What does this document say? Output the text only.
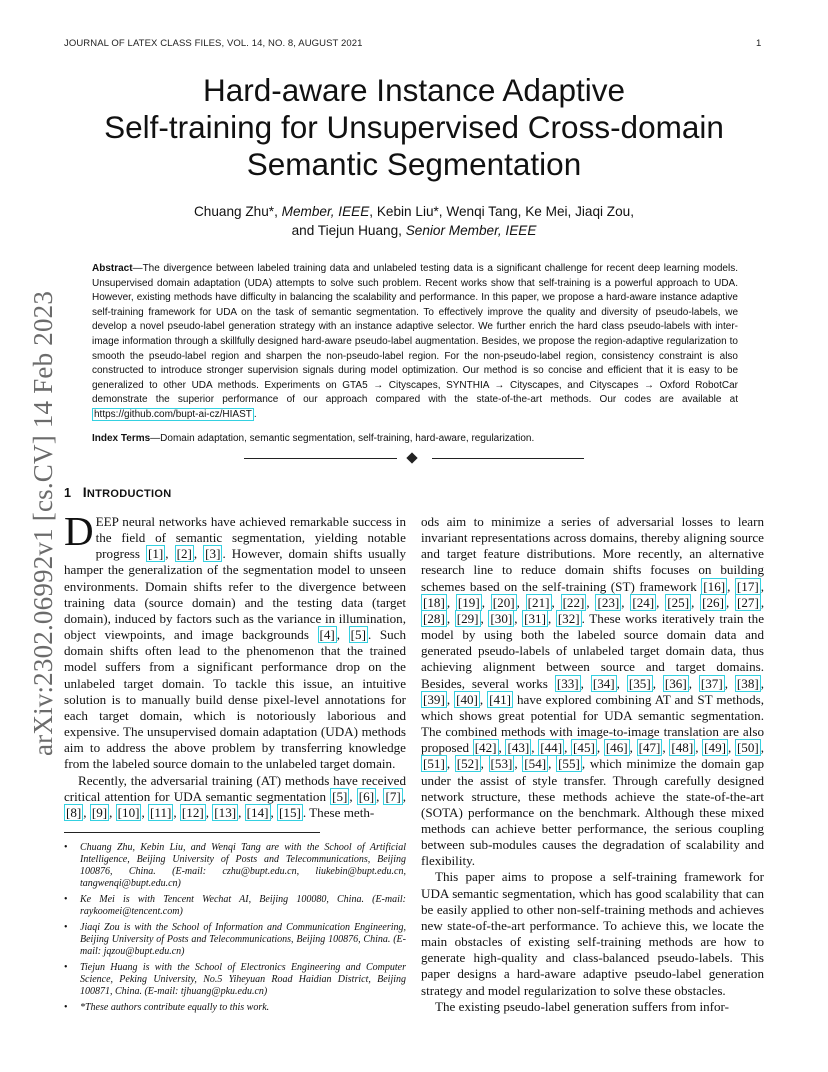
JOURNAL OF LATEX CLASS FILES, VOL. 14, NO. 8, AUGUST 2021	1
arXiv:2302.06992v1 [cs.CV] 14 Feb 2023
Hard-aware Instance Adaptive
Self-training for Unsupervised Cross-domain
Semantic Segmentation
Chuang Zhu*, Member, IEEE, Kebin Liu*, Wenqi Tang, Ke Mei, Jiaqi Zou,
and Tiejun Huang, Senior Member, IEEE
Abstract—The divergence between labeled training data and unlabeled testing data is a significant challenge for recent deep learning models. Unsupervised domain adaptation (UDA) attempts to solve such problem. Recent works show that self-training is a powerful approach to UDA. However, existing methods have difficulty in balancing the scalability and performance. In this paper, we propose a hard-aware instance adaptive self-training framework for UDA on the task of semantic segmentation. To effectively improve the quality and diversity of pseudo-labels, we develop a novel pseudo-label generation strategy with an instance adaptive selector. We further enrich the hard class pseudo-labels with inter-image information through a skillfully designed hard-aware pseudo-label augmentation. Besides, we propose the region-adaptive regularization to smooth the pseudo-label region and sharpen the non-pseudo-label region. For the non-pseudo-label region, consistency constraint is also constructed to introduce stronger supervision signals during model optimization. Our method is so concise and efficient that it is easy to be generalized to other UDA methods. Experiments on GTA5 → Cityscapes, SYNTHIA → Cityscapes, and Cityscapes → Oxford RobotCar demonstrate the superior performance of our approach compared with the state-of-the-art methods. Our codes are available at https://github.com/bupt-ai-cz/HIAST .
Index Terms—Domain adaptation, semantic segmentation, self-training, hard-aware, regularization.
1 INTRODUCTION

DEEP neural networks have achieved remarkable success in the field of semantic segmentation, yielding notable progress [1] , [2] , [3] . However, domain shifts usually hamper the generalization of the segmentation model to unseen environments. Domain shifts refer to the divergence between training data (source domain) and the testing data (target domain), induced by factors such as the variance in illumination, object viewpoints, and image backgrounds [4] , [5] . Such domain shifts often lead to the phenomenon that the trained model suffers from a significant performance drop on the unlabeled target domain. To tackle this issue, an intuitive solution is to manually build dense pixel-level annotations for each target domain, which is notoriously laborious and expensive. The unsupervised domain adaptation (UDA) methods aim to address the above problem by transferring knowledge from the labeled source domain to the unlabeled target domain.

Recently, the adversarial training (AT) methods have received critical attention for UDA semantic segmentation [5] , [6] , [7] , [8] , [9] , [10] , [11] , [12] , [13] , [14] , [15] . These meth-

• Chuang Zhu, Kebin Liu, and Wenqi Tang are with the School of Artificial Intelligence, Beijing University of Posts and Telecommunications, Beijing 100876, China. (E-mail: czhu@bupt.edu.cn, liukebin@bupt.edu.cn, tangwenqi@bupt.edu.cn)
• Ke Mei is with Tencent Wechat AI, Beijing 100080, China. (E-mail: raykoomei@tencent.com)
• Jiaqi Zou is with the School of Information and Communication Engineering, Beijing University of Posts and Telecommunications, Beijing 100876, China. (E-mail: jqzou@bupt.edu.cn)
• Tiejun Huang is with the School of Electronics Engineering and Computer Science, Peking University, No.5 Yiheyuan Road Haidian District, Beijing 100871, China. (E-mail: tjhuang@pku.edu.cn)
• *These authors contribute equally to this work.

ods aim to minimize a series of adversarial losses to learn invariant representations across domains, thereby aligning source and target feature distributions. More recently, an alternative research line to reduce domain shifts focuses on building schemes based on the self-training (ST) framework [16] , [17] , [18] , [19] , [20] , [21] , [22] , [23] , [24] , [25] , [26] , [27] , [28] , [29] , [30] , [31] , [32] . These works iteratively train the model by using both the labeled source domain data and generated pseudo-labels of unlabeled target domain data, thus achieving alignment between source and target domains. Besides, several works [33] , [34] , [35] , [36] , [37] , [38] , [39] , [40] , [41] have explored combining AT and ST methods, which shows great potential for UDA semantic segmentation. The combined methods with image-to-image translation are also proposed [42] , [43] , [44] , [45] , [46] , [47] , [48] , [49] , [50] , [51] , [52] , [53] , [54] , [55] , which minimize the domain gap under the assist of style transfer. Through carefully designed network structure, these methods achieve the state-of-the-art (SOTA) performance on the benchmark. Although these mixed methods can achieve better performance, the serious coupling between sub-modules causes the degradation of scalability and flexibility.

This paper aims to propose a self-training framework for UDA semantic segmentation, which has good scalability that can be easily applied to other non-self-training methods and achieves new state-of-the-art performance. To achieve this, we locate the main obstacles of existing self-training methods are how to generate high-quality and class-balanced pseudo-labels. This paper designs a hard-aware adaptive pseudo-label generation strategy and model regularization to solve these obstacles.

The existing pseudo-label generation suffers from infor-
